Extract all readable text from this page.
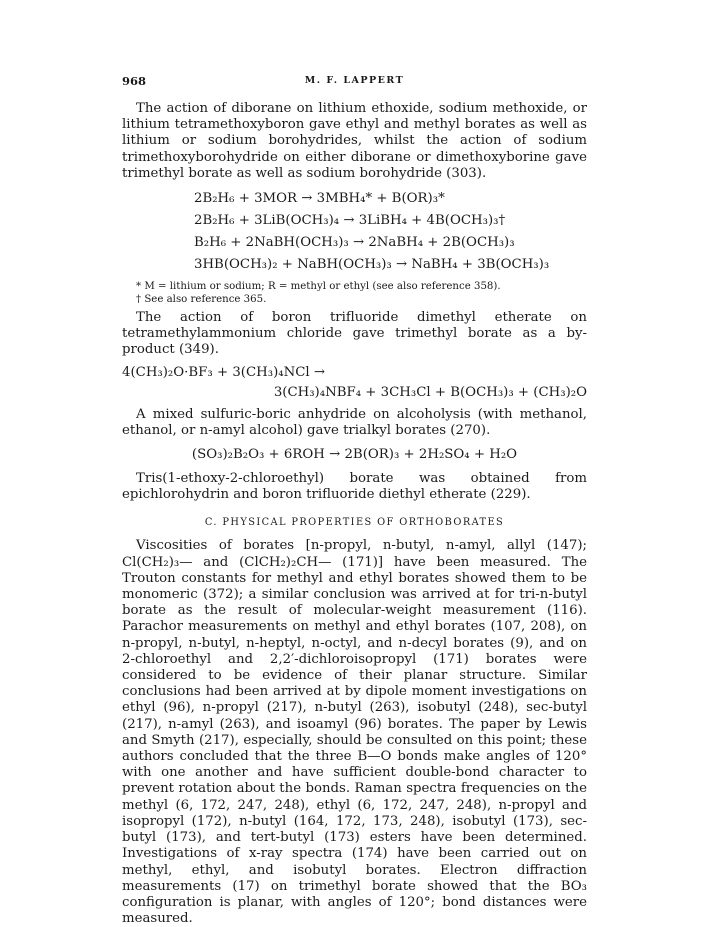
968	M. F. LAPPERT

The action of diborane on lithium ethoxide, sodium methoxide, or lithium tetramethoxyboron gave ethyl and methyl borates as well as lithium or sodium borohydrides, whilst the action of sodium trimethoxyborohydride on either diborane or dimethoxyborine gave trimethyl borate as well as sodium borohydride (303).

2B₂H₆ + 3MOR → 3MBH₄* + B(OR)₃*
2B₂H₆ + 3LiB(OCH₃)₄ → 3LiBH₄ + 4B(OCH₃)₃†
B₂H₆ + 2NaBH(OCH₃)₃ → 2NaBH₄ + 2B(OCH₃)₃
3HB(OCH₃)₂ + NaBH(OCH₃)₃ → NaBH₄ + 3B(OCH₃)₃

* M = lithium or sodium; R = methyl or ethyl (see also reference 358).

† See also reference 365.

The action of boron trifluoride dimethyl etherate on tetramethylammonium chloride gave trimethyl borate as a by-product (349).

4(CH₃)₂O·BF₃ + 3(CH₃)₄NCl →
3(CH₃)₄NBF₄ + 3CH₃Cl + B(OCH₃)₃ + (CH₃)₂O

A mixed sulfuric-boric anhydride on alcoholysis (with methanol, ethanol, or n-amyl alcohol) gave trialkyl borates (270).

(SO₃)₂B₂O₃ + 6ROH → 2B(OR)₃ + 2H₂SO₄ + H₂O

Tris(1-ethoxy-2-chloroethyl) borate was obtained from epichlorohydrin and boron trifluoride diethyl etherate (229).

C. PHYSICAL PROPERTIES OF ORTHOBORATES

Viscosities of borates [n-propyl, n-butyl, n-amyl, allyl (147); Cl(CH₂)₃— and (ClCH₂)₂CH— (171)] have been measured. The Trouton constants for methyl and ethyl borates showed them to be monomeric (372); a similar conclusion was arrived at for tri-n-butyl borate as the result of molecular-weight measurement (116). Parachor measurements on methyl and ethyl borates (107, 208), on n-propyl, n-butyl, n-heptyl, n-octyl, and n-decyl borates (9), and on 2-chloroethyl and 2,2′-dichloroisopropyl (171) borates were considered to be evidence of their planar structure. Similar conclusions had been arrived at by dipole moment investigations on ethyl (96), n-propyl (217), n-butyl (263), isobutyl (248), sec-butyl (217), n-amyl (263), and isoamyl (96) borates. The paper by Lewis and Smyth (217), especially, should be consulted on this point; these authors concluded that the three B—O bonds make angles of 120° with one another and have sufficient double-bond character to prevent rotation about the bonds. Raman spectra frequencies on the methyl (6, 172, 247, 248), ethyl (6, 172, 247, 248), n-propyl and isopropyl (172), n-butyl (164, 172, 173, 248), isobutyl (173), sec-butyl (173), and tert-butyl (173) esters have been determined. Investigations of x-ray spectra (174) have been carried out on methyl, ethyl, and isobutyl borates. Electron diffraction measurements (17) on trimethyl borate showed that the BO₃ configuration is planar, with angles of 120°; bond distances were measured.
